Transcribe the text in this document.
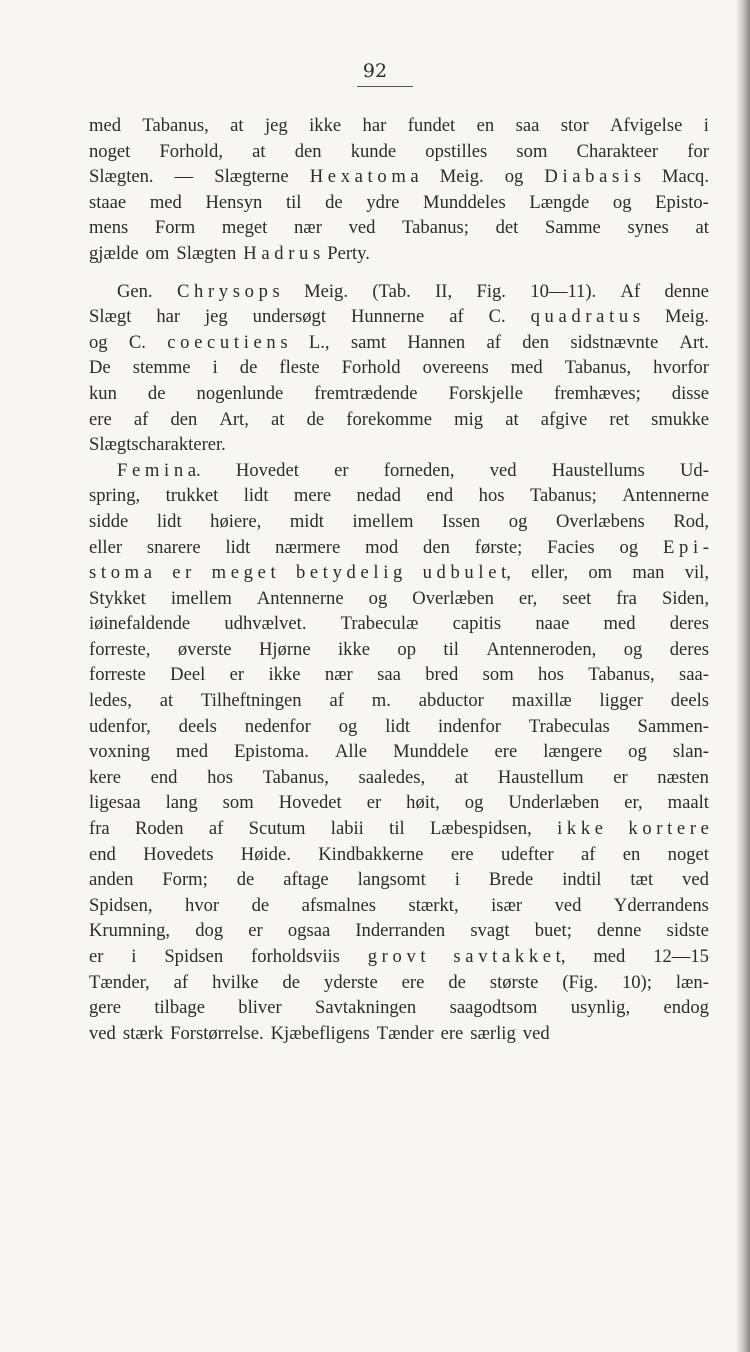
92
med Tabanus, at jeg ikke har fundet en saa stor Afvigelse i
noget Forhold, at den kunde opstilles som Charakteer for
Slægten. — Slægterne H e x a t o m a Meig. og D i a b a s i s Macq.
staae med Hensyn til de ydre Munddeles Længde og Episto-
mens Form meget nær ved Tabanus; det Samme synes at
gjælde om Slægten H a d r u s Perty.
Gen. C h r y s o p s Meig. (Tab. II, Fig. 10—11). Af denne
Slægt har jeg undersøgt Hunnerne af C. q u a d r a t u s Meig.
og C. c o e c u t i e n s L., samt Hannen af den sidstnævnte Art.
De stemme i de fleste Forhold overeens med Tabanus, hvorfor
kun de nogenlunde fremtrædende Forskjelle fremhæves; disse
ere af den Art, at de forekomme mig at afgive ret smukke
Slægtscharakterer.
F e m i n a. Hovedet er forneden, ved Haustellums Ud-
spring, trukket lidt mere nedad end hos Tabanus; Antennerne
sidde lidt høiere, midt imellem Issen og Overlæbens Rod,
eller snarere lidt nærmere mod den første; Facies og E p i -
s t o m a e r m e g e t b e t y d e l i g u d b u l e t, eller, om man vil,
Stykket imellem Antennerne og Overlæben er, seet fra Siden,
iøinefaldende udhvælvet. Trabeculæ capitis naae med deres
forreste, øverste Hjørne ikke op til Antenneroden, og deres
forreste Deel er ikke nær saa bred som hos Tabanus, saa-
ledes, at Tilheftningen af m. abductor maxillæ ligger deels
udenfor, deels nedenfor og lidt indenfor Trabeculas Sammen-
voxning med Epistoma. Alle Munddele ere længere og slan-
kere end hos Tabanus, saaledes, at Haustellum er næsten
ligesaa lang som Hovedet er høit, og Underlæben er, maalt
fra Roden af Scutum labii til Læbespidsen, i k k e k o r t e r e
end Hovedets Høide. Kindbakkerne ere udefter af en noget
anden Form; de aftage langsomt i Brede indtil tæt ved
Spidsen, hvor de afsmalnes stærkt, især ved Yderrandens
Krumning, dog er ogsaa Inderranden svagt buet; denne sidste
er i Spidsen forholdsviis g r o v t s a v t a k k e t, med 12—15
Tænder, af hvilke de yderste ere de største (Fig. 10); læn-
gere tilbage bliver Savtakningen saagodtsom usynlig, endog
ved stærk Forstørrelse. Kjæbefligens Tænder ere særlig ved
